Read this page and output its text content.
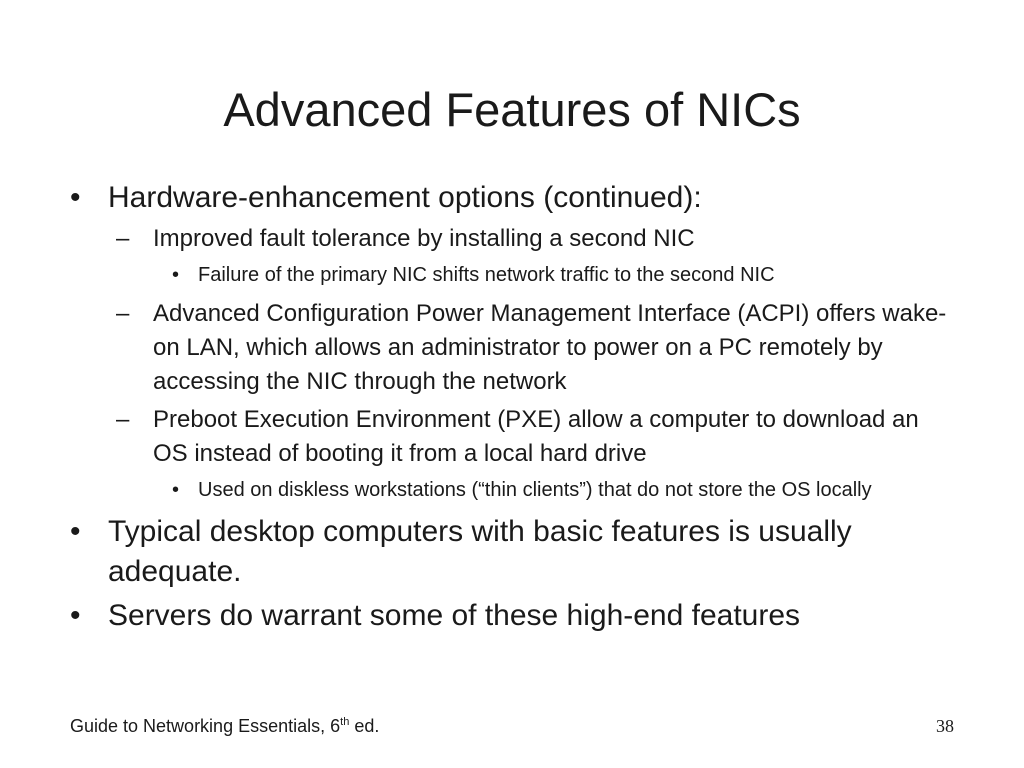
Advanced Features of NICs
• Hardware-enhancement options (continued):
– Improved fault tolerance by installing a second NIC
• Failure of the primary NIC shifts network traffic to the second NIC
– Advanced Configuration Power Management Interface (ACPI) offers wake-on LAN, which allows an administrator to power on a PC remotely by accessing the NIC through the network
– Preboot Execution Environment (PXE) allow a computer to download an OS instead of booting it from a local hard drive
• Used on diskless workstations (“thin clients”) that do not store the OS locally
• Typical desktop computers with basic features is usually adequate.
• Servers do warrant some of these high-end features
Guide to Networking Essentials, 6th ed.	38
